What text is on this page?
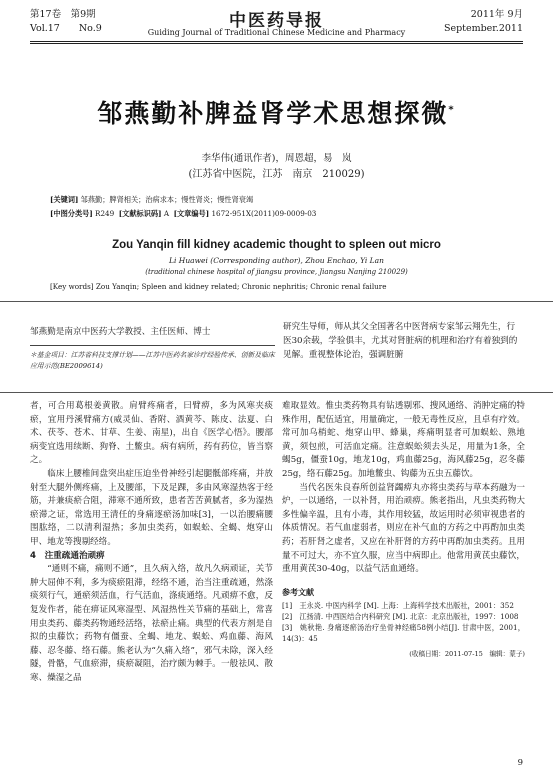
第17卷　第9期
Vol.17　　No.9	中医药导报
Guiding Journal of Traditional Chinese Medicine and Pharmacy
2011年 9月
September.2011
邹燕勤补脾益肾学术思想探微*
李华伟(通讯作者)，周恩超，易　岚
(江苏省中医院，江苏　南京　210029)
[关键词] 邹燕勤；脾肾相关；治病求本；慢性肾炎；慢性肾衰竭
[中图分类号] R249 [文献标识码] A [文章编号] 1672-951X(2011)09-0009-03
Zou Yanqin fill kidney academic thought to spleen out micro
Li Huawei (Corresponding author), Zhou Enchao, Yi Lan
(traditional chinese hospital of jiangsu province, Jiangsu Nanjing 210029)
[Key words] Zou Yanqin; Spleen and kidney related; Chronic nephritis; Chronic renal failure
邹燕勤是南京中医药大学教授、主任医师、博士
＊基金项目：江苏省科技支撑计划——江苏中医药名家诊疗经验传承、创新及临床应用示范(BE2009614)
研究生导师，师从其父全国著名中医肾病专家邹云翔先生，行医30余载，学验俱丰，尤其对肾脏病的机理和治疗有着独到的见解。重视整体论治，强调脏腑

者，可合用葛根姜黄散。肩臂疼痛者，曰臂痹，多为风寒夹痰瘀，宜用丹溪臂痛方(威灵仙、香附、酒黄芩、陈皮、法夏、白术、茯苓、苍术、甘草、生姜、南星)，出自《医学心悟》。腰部病变宜选用续断、狗脊、土鳖虫。病有病所，药有药位，皆当察之。

临床上腰椎间盘突出症压迫坐骨神经引起腿骶部疼痛，并放射至大腿外侧疼痛，上及腰部，下及足踝，多由风寒湿热客于经筋，并兼痰瘀合阻，滞寒不通所致，患者苦苦黄腻者，多为湿热瘀滞之证，常选用王清任的身痛逐瘀汤加味[3]，一以治腰痛腰围肱络，二以清利湿热；多加虫类药，如蜈蚣、全蝎、炮穿山甲、地龙等搜剔经络。

4　注重疏通治顽痹

“通则不痛，痛则不通”，且久病入络，故凡久病顽证，关节肿大屈伸不利，多为痰瘀阻滞，经络不通，治当注重疏通，然涤痰须行气，通瘀须活血，行气活血，涤痰通络。凡顽痹不愈，反复发作者，能在痹证风寒湿型、风湿热性关节痛的基础上，常喜用虫类药、藤类药物通经活络，祛瘀止痛。典型的代表方剂是自拟的虫藤饮；药物有僵蚕、全蝎、地龙、蜈蚣、鸡血藤、海风藤、忍冬藤、络石藤。熊老认为“久痛入络”，邪气未除，深入经隧，骨骼，气血瘀滞，痰瘀凝阻，治疗颇为棘手。一般祛风、散寒、燥湿之品

难取显效。惟虫类药物具有钻透剔邪、搜风通络、消肿定痛的特殊作用，配伍适宜，用量确定，一般无毒性反应，且卓有疗效。常可加乌梢蛇、炮穿山甲、蜂巢，疼痛明显者可加蜈蚣、熟地黄，须包煎，可活血定痛。注意蜈蚣须去头足，用量为1条，全蝎5g，僵蚕10g，地龙10g，鸡血藤25g，海风藤25g，忍冬藤25g，络石藤25g。加地鳖虫、钩藤为五虫五藤饮。

当代名医朱良春所创益肾蠲痹丸亦将虫类药与草本药融为一炉，一以通络，一以补肾，用治顽痹。熊老指出，凡虫类药物大多性偏辛温，且有小毒，其作用较猛，故运用时必须审视患者的体质情况。若气血虚弱者，则应在补气血的方药之中再酌加虫类药；若肝肾之虚者，又应在补肝肾的方药中再酌加虫类药。且用量不可过大，亦不宜久服，应当中病即止。他常用黄芪虫藤饮，重用黄芪30-40g，以益气活血通络。

参考文献
[1]　王永炎. 中医内科学 [M]. 上海：上海科学技术出版社，2001：352
[2]　江扬清. 中西医结合内科研究 [M]. 北京：北京出版社，1997：1008
[3]　姚秋艳. 身痛逐瘀汤治疗坐骨神经痛58例小结[J]. 甘肃中医，2001，14(3)：45
(收稿日期：2011-07-15　编辑：蒙子)
9
